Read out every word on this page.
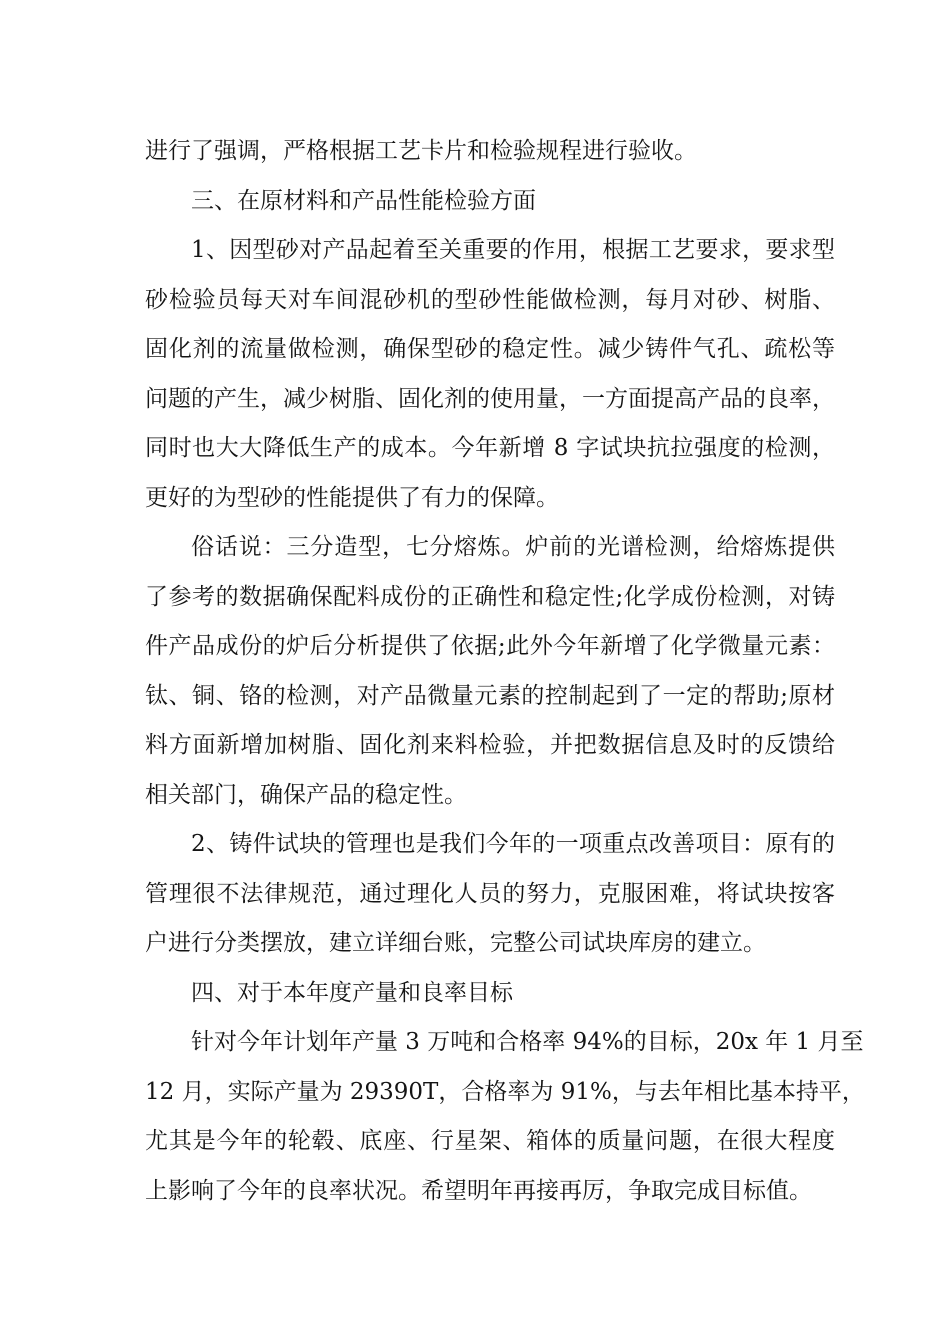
进行了强调，严格根据工艺卡片和检验规程进行验收。
三、在原材料和产品性能检验方面
1、因型砂对产品起着至关重要的作用，根据工艺要求，要求型
砂检验员每天对车间混砂机的型砂性能做检测，每月对砂、树脂、
固化剂的流量做检测，确保型砂的稳定性。减少铸件气孔、疏松等
问题的产生，减少树脂、固化剂的使用量，一方面提高产品的良率，
同时也大大降低生产的成本。今年新增 8 字试块抗拉强度的检测，
更好的为型砂的性能提供了有力的保障。
俗话说：三分造型，七分熔炼。炉前的光谱检测，给熔炼提供
了参考的数据确保配料成份的正确性和稳定性;化学成份检测，对铸
件产品成份的炉后分析提供了依据;此外今年新增了化学微量元素：
钛、铜、铬的检测，对产品微量元素的控制起到了一定的帮助;原材
料方面新增加树脂、固化剂来料检验，并把数据信息及时的反馈给
相关部门，确保产品的稳定性。
2、铸件试块的管理也是我们今年的一项重点改善项目：原有的
管理很不法律规范，通过理化人员的努力，克服困难，将试块按客
户进行分类摆放，建立详细台账，完整公司试块库房的建立。
四、对于本年度产量和良率目标
针对今年计划年产量 3 万吨和合格率 94%的目标，20x 年 1 月至
12 月，实际产量为 29390T，合格率为 91%，与去年相比基本持平，
尤其是今年的轮毂、底座、行星架、箱体的质量问题，在很大程度
上影响了今年的良率状况。希望明年再接再厉，争取完成目标值。
